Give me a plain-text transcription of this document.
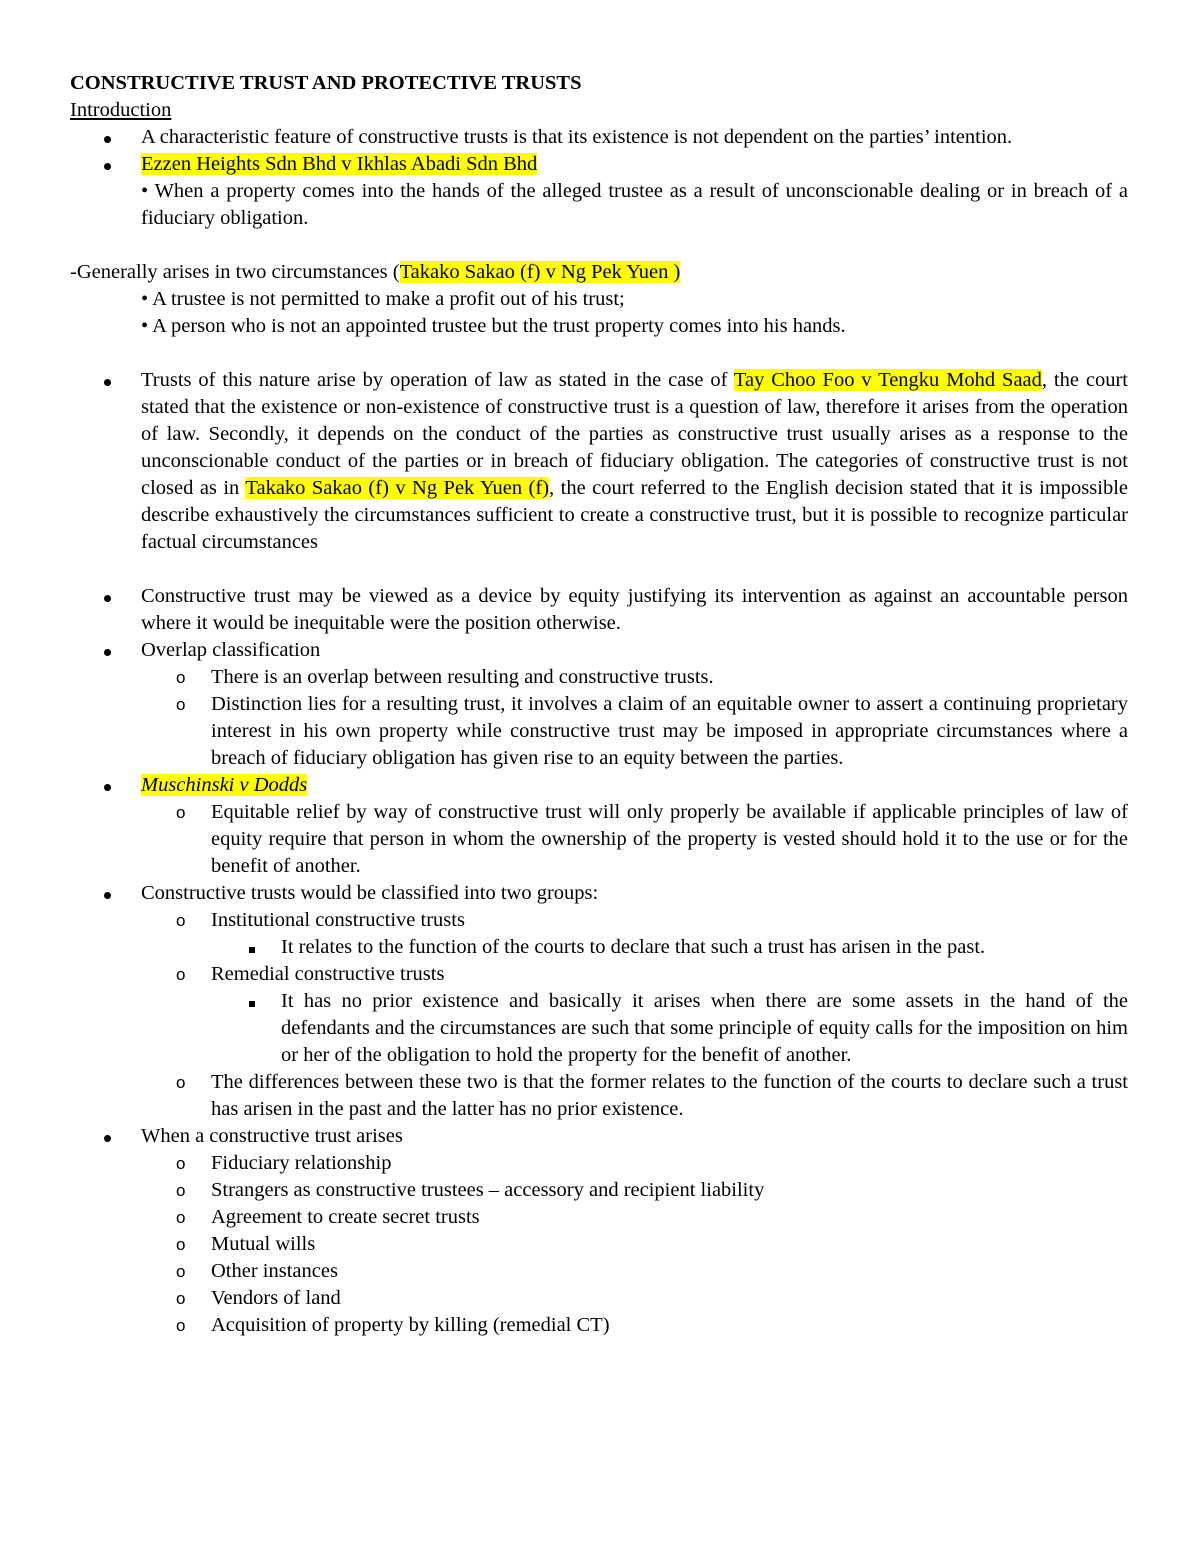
CONSTRUCTIVE TRUST AND PROTECTIVE TRUSTS
Introduction
A characteristic feature of constructive trusts is that its existence is not dependent on the parties’ intention.
Ezzen Heights Sdn Bhd v Ikhlas Abadi Sdn Bhd
• When a property comes into the hands of the alleged trustee as a result of unconscionable dealing or in breach of a fiduciary obligation.
-Generally arises in two circumstances (Takako Sakao (f) v Ng Pek Yuen )
• A trustee is not permitted to make a profit out of his trust;
• A person who is not an appointed trustee but the trust property comes into his hands.
Trusts of this nature arise by operation of law as stated in the case of Tay Choo Foo v Tengku Mohd Saad, the court stated that the existence or non-existence of constructive trust is a question of law, therefore it arises from the operation of law. Secondly, it depends on the conduct of the parties as constructive trust usually arises as a response to the unconscionable conduct of the parties or in breach of fiduciary obligation. The categories of constructive trust is not closed as in Takako Sakao (f) v Ng Pek Yuen (f), the court referred to the English decision stated that it is impossible describe exhaustively the circumstances sufficient to create a constructive trust, but it is possible to recognize particular factual circumstances
Constructive trust may be viewed as a device by equity justifying its intervention as against an accountable person where it would be inequitable were the position otherwise.
Overlap classification
o There is an overlap between resulting and constructive trusts.
o Distinction lies for a resulting trust, it involves a claim of an equitable owner to assert a continuing proprietary interest in his own property while constructive trust may be imposed in appropriate circumstances where a breach of fiduciary obligation has given rise to an equity between the parties.
Muschinski v Dodds
o Equitable relief by way of constructive trust will only properly be available if applicable principles of law of equity require that person in whom the ownership of the property is vested should hold it to the use or for the benefit of another.
Constructive trusts would be classified into two groups:
o Institutional constructive trusts
It relates to the function of the courts to declare that such a trust has arisen in the past.
o Remedial constructive trusts
It has no prior existence and basically it arises when there are some assets in the hand of the defendants and the circumstances are such that some principle of equity calls for the imposition on him or her of the obligation to hold the property for the benefit of another.
o The differences between these two is that the former relates to the function of the courts to declare such a trust has arisen in the past and the latter has no prior existence.
When a constructive trust arises
o Fiduciary relationship
o Strangers as constructive trustees – accessory and recipient liability
o Agreement to create secret trusts
o Mutual wills
o Other instances
o Vendors of land
o Acquisition of property by killing (remedial CT)
